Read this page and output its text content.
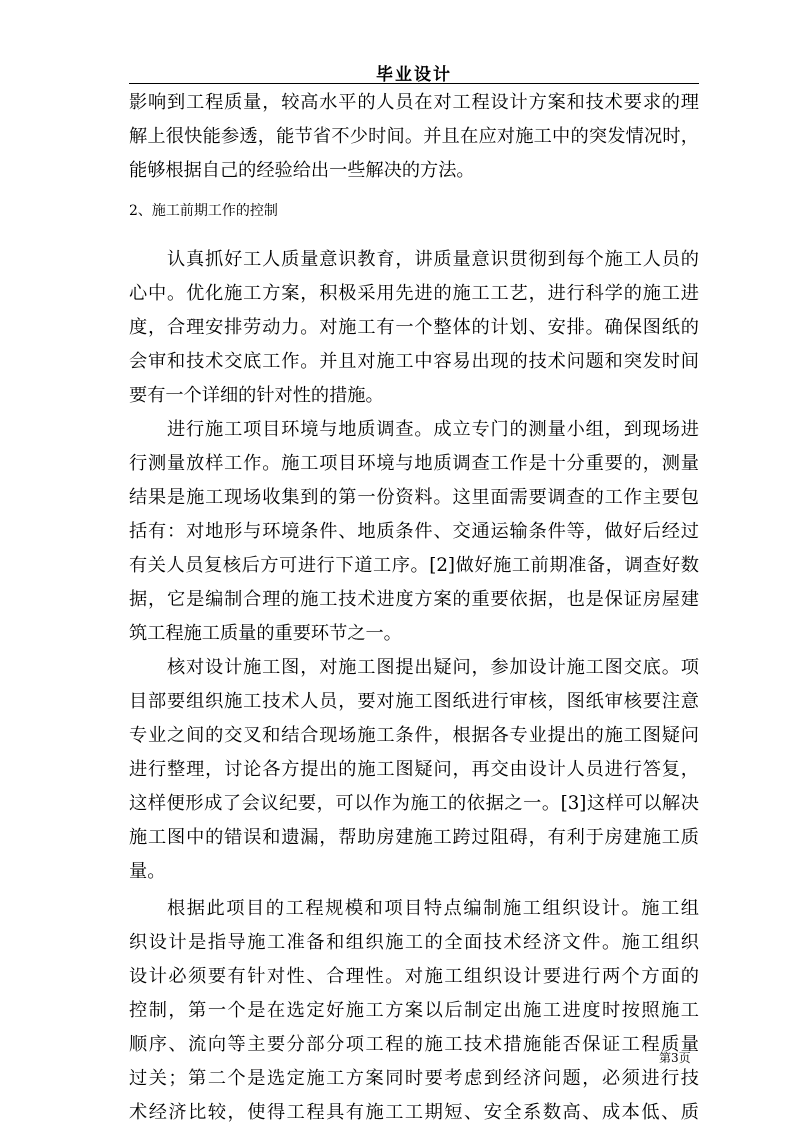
毕业设计
影响到工程质量，较高水平的人员在对工程设计方案和技术要求的理
解上很快能参透，能节省不少时间。并且在应对施工中的突发情况时，
能够根据自己的经验给出一些解决的方法。
认真抓好工人质量意识教育，讲质量意识贯彻到每个施工人员的
心中。优化施工方案，积极采用先进的施工工艺，进行科学的施工进
度，合理安排劳动力。对施工有一个整体的计划、安排。确保图纸的
会审和技术交底工作。并且对施工中容易出现的技术问题和突发时间
要有一个详细的针对性的措施。
进行施工项目环境与地质调查。成立专门的测量小组，到现场进
行测量放样工作。施工项目环境与地质调查工作是十分重要的，测量
结果是施工现场收集到的第一份资料。这里面需要调查的工作主要包
括有：对地形与环境条件、地质条件、交通运输条件等，做好后经过
有关人员复核后方可进行下道工序。[2]做好施工前期准备，调查好数
据，它是编制合理的施工技术进度方案的重要依据，也是保证房屋建
筑工程施工质量的重要环节之一。
核对设计施工图，对施工图提出疑问，参加设计施工图交底。项
目部要组织施工技术人员，要对施工图纸进行审核，图纸审核要注意
专业之间的交叉和结合现场施工条件，根据各专业提出的施工图疑问
进行整理，讨论各方提出的施工图疑问，再交由设计人员进行答复，
这样便形成了会议纪要，可以作为施工的依据之一。[3]这样可以解决
施工图中的错误和遗漏，帮助房建施工跨过阻碍，有利于房建施工质
量。
根据此项目的工程规模和项目特点编制施工组织设计。施工组
织设计是指导施工准备和组织施工的全面技术经济文件。施工组织
设计必须要有针对性、合理性。对施工组织设计要进行两个方面的
控制，第一个是在选定好施工方案以后制定出施工进度时按照施工
顺序、流向等主要分部分项工程的施工技术措施能否保证工程质量
过关；第二个是选定施工方案同时要考虑到经济问题，必须进行技
术经济比较，使得工程具有施工工期短、安全系数高、成本低、质
2、施工前期工作的控制
第3页
